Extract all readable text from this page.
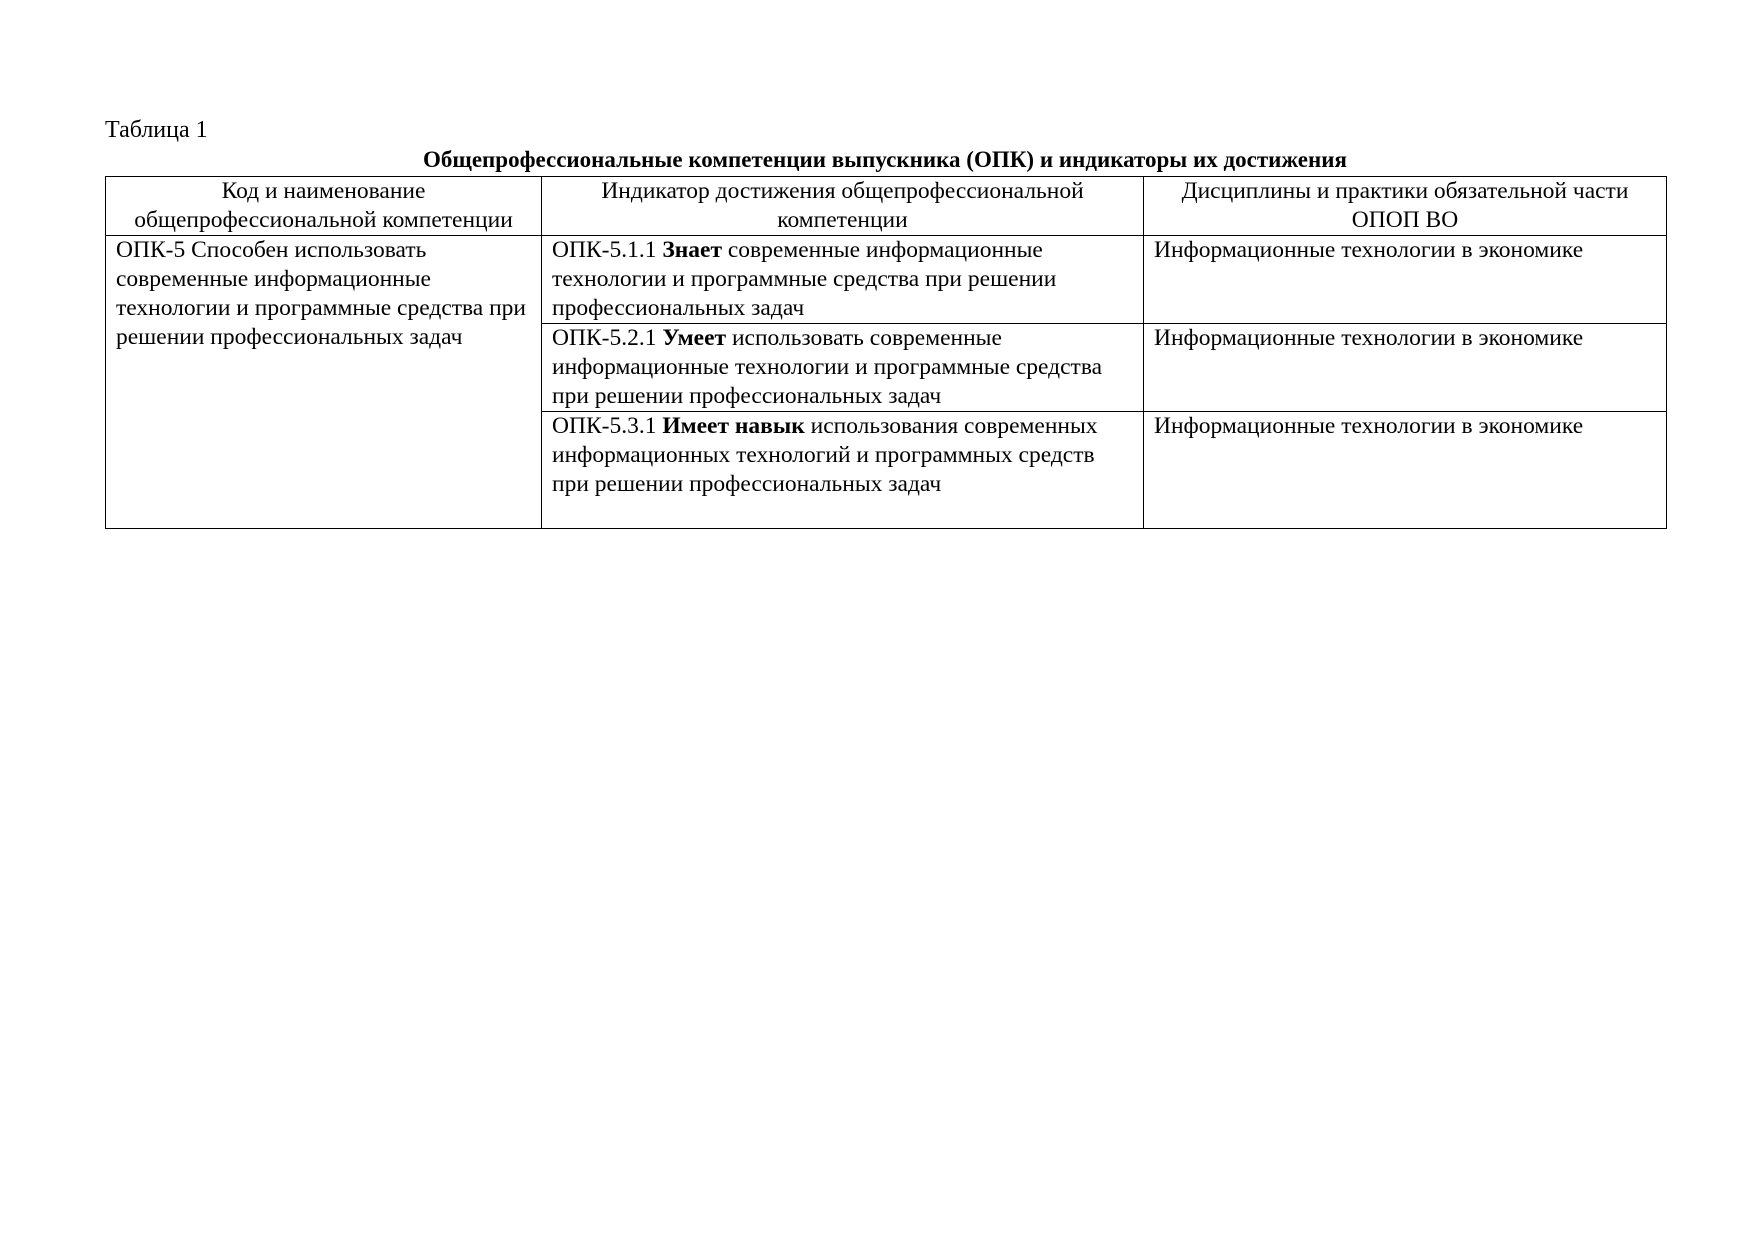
Таблица 1
Общепрофессиональные компетенции выпускника (ОПК) и индикаторы их достижения
Код и наименование общепрофессиональной компетенции	Индикатор достижения общепрофессиональной компетенции	Дисциплины и практики обязательной части ОПОП ВО
ОПК-5 Способен использовать современные информационные технологии и программные средства при решении профессиональных задач	ОПК-5.1.1 Знает современные информационные технологии и программные средства при решении профессиональных задач	Информационные технологии в экономике
	ОПК-5.2.1 Умеет использовать современные информационные технологии и программные средства при решении профессиональных задач	Информационные технологии в экономике
	ОПК-5.3.1 Имеет навык использования современных информационных технологий и программных средств при решении профессиональных задач	Информационные технологии в экономике
